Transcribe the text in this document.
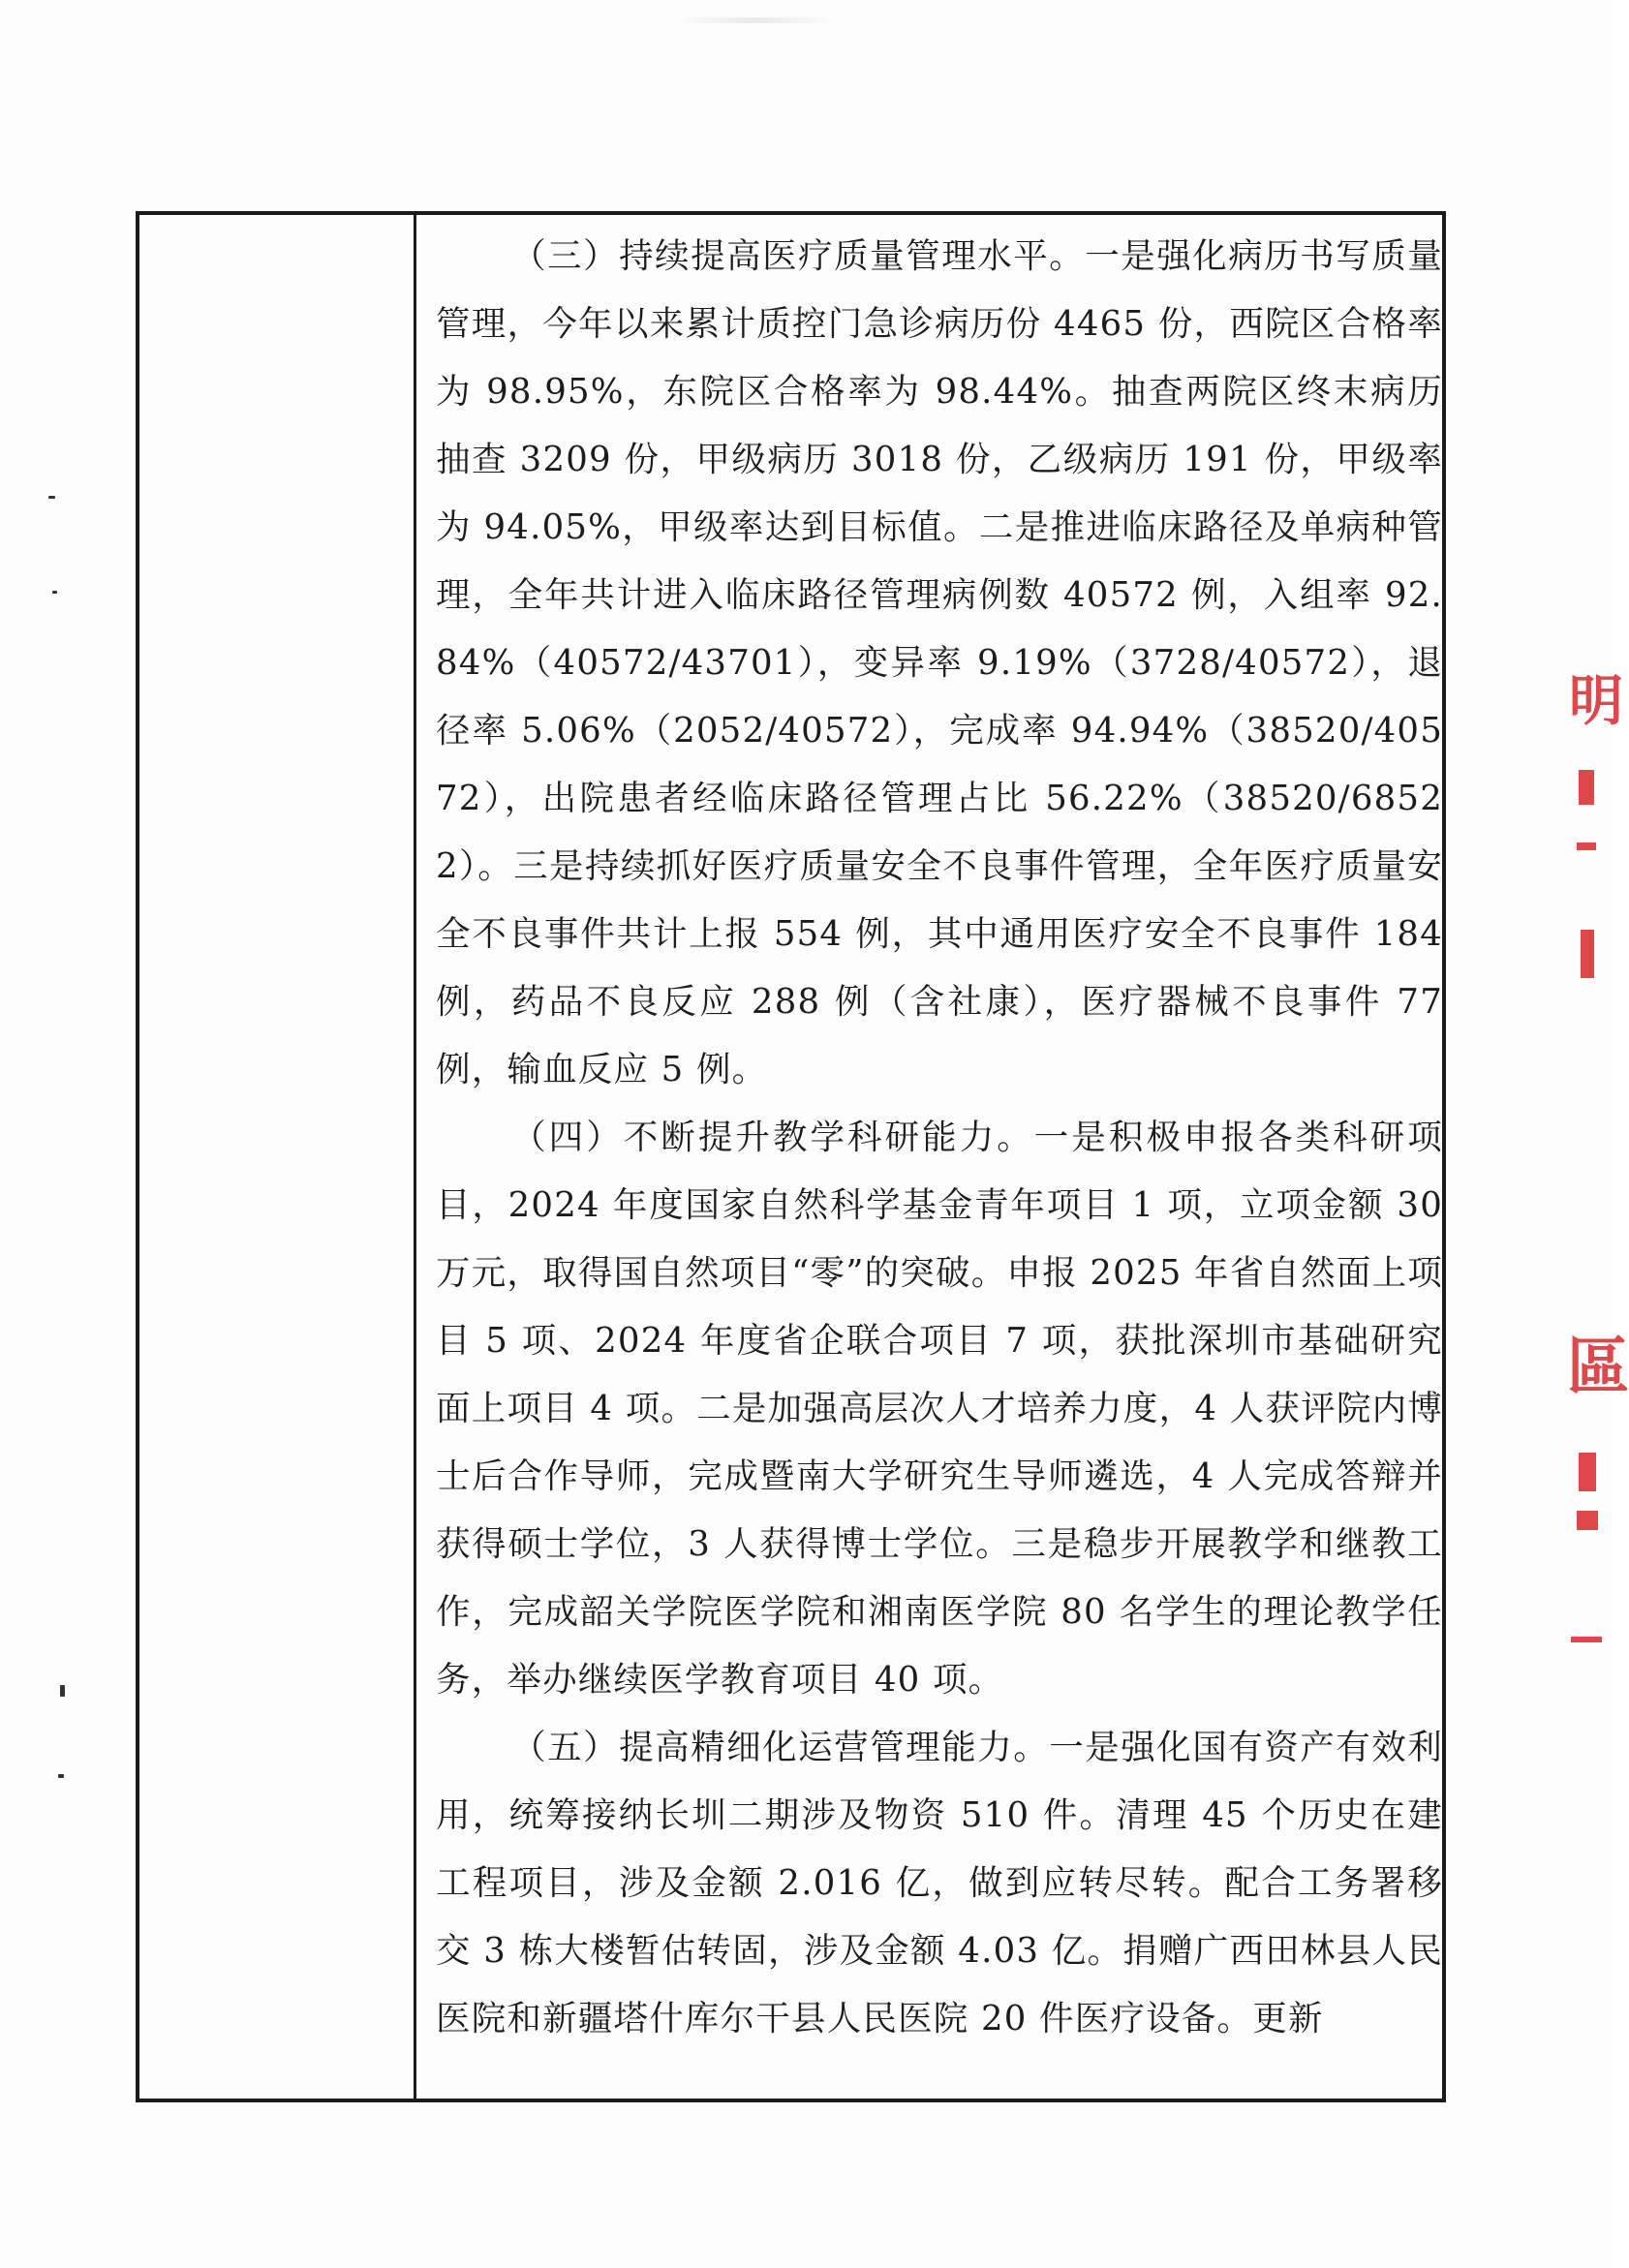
明
區

（三）持续提高医疗质量管理水平。一是强化病历书写质量管理，今年以来累计质控门急诊病历份 4465 份，西院区合格率为 98.95%，东院区合格率为 98.44%。抽查两院区终末病历抽查 3209 份，甲级病历 3018 份，乙级病历 191 份，甲级率为 94.05%，甲级率达到目标值。二是推进临床路径及单病种管理，全年共计进入临床路径管理病例数 40572 例，入组率 92.84%（40572/43701），变异率 9.19%（3728/40572），退径率 5.06%（2052/40572），完成率 94.94%（38520/40572），出院患者经临床路径管理占比 56.22%（38520/68522）。三是持续抓好医疗质量安全不良事件管理，全年医疗质量安全不良事件共计上报 554 例，其中通用医疗安全不良事件 184 例，药品不良反应 288 例（含社康），医疗器械不良事件 77 例，输血反应 5 例。

（四）不断提升教学科研能力。一是积极申报各类科研项目，2024 年度国家自然科学基金青年项目 1 项，立项金额 30 万元，取得国自然项目“零”的突破。申报 2025 年省自然面上项目 5 项、2024 年度省企联合项目 7 项，获批深圳市基础研究面上项目 4 项。二是加强高层次人才培养力度，4 人获评院内博士后合作导师，完成暨南大学研究生导师遴选，4 人完成答辩并获得硕士学位，3 人获得博士学位。三是稳步开展教学和继教工作，完成韶关学院医学院和湘南医学院 80 名学生的理论教学任务，举办继续医学教育项目 40 项。

（五）提高精细化运营管理能力。一是强化国有资产有效利用，统筹接纳长圳二期涉及物资 510 件。清理 45 个历史在建工程项目，涉及金额 2.016 亿，做到应转尽转。配合工务署移交 3 栋大楼暂估转固，涉及金额 4.03 亿。捐赠广西田林县人民医院和新疆塔什库尔干县人民医院 20 件医疗设备。更新
